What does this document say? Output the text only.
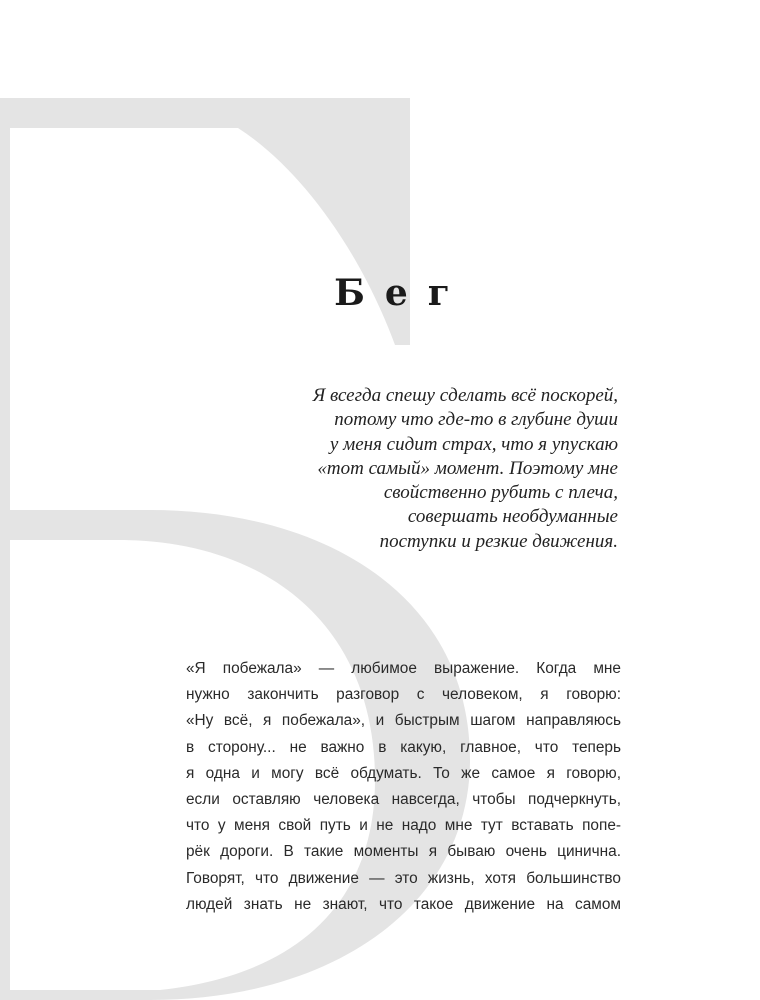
Бег
Я всегда спешу сделать всё поскорей,
потому что где-то в глубине души
у меня сидит страх, что я упускаю
«тот самый» момент. Поэтому мне
свойственно рубить с плеча,
совершать необдуманные
поступки и резкие движения.
«Я побежала» — любимое выражение. Когда мне
нужно закончить разговор с человеком, я говорю:
«Ну всё, я побежала», и быстрым шагом направляюсь
в сторону... не важно в какую, главное, что теперь
я одна и могу всё обдумать. То же самое я говорю,
если оставляю человека навсегда, чтобы подчеркнуть,
что у меня свой путь и не надо мне тут вставать попе-
рёк дороги. В такие моменты я бываю очень цинична.
Говорят, что движение — это жизнь, хотя большинство
людей знать не знают, что такое движение на самом
